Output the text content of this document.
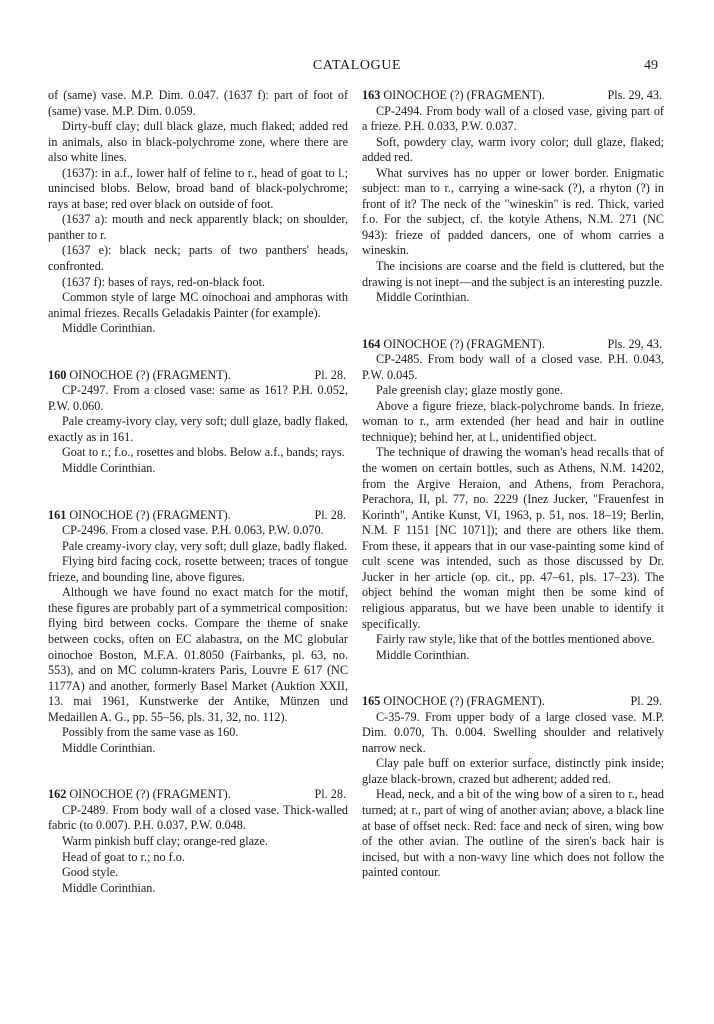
CATALOGUE	49

of (same) vase. M.P. Dim. 0.047. (1637 f): part of foot of (same) vase. M.P. Dim. 0.059.

Dirty-buff clay; dull black glaze, much flaked; added red in animals, also in black-polychrome zone, where there are also white lines.

(1637): in a.f., lower half of feline to r., head of goat to l.; unincised blobs. Below, broad band of black-polychrome; rays at base; red over black on outside of foot.

(1637 a): mouth and neck apparently black; on shoulder, panther to r.

(1637 e): black neck; parts of two panthers' heads, confronted.

(1637 f): bases of rays, red-on-black foot.

Common style of large MC oinochoai and amphoras with animal friezes. Recalls Geladakis Painter (for example).

Middle Corinthian.

160 OINOCHOE (?) (FRAGMENT).	Pl. 28.

CP-2497. From a closed vase: same as 161? P.H. 0.052, P.W. 0.060.

Pale creamy-ivory clay, very soft; dull glaze, badly flaked, exactly as in 161.

Goat to r.; f.o., rosettes and blobs. Below a.f., bands; rays.

Middle Corinthian.

161 OINOCHOE (?) (FRAGMENT).	Pl. 28.

CP-2496. From a closed vase. P.H. 0.063, P.W. 0.070.

Pale creamy-ivory clay, very soft; dull glaze, badly flaked.

Flying bird facing cock, rosette between; traces of tongue frieze, and bounding line, above figures.

Although we have found no exact match for the motif, these figures are probably part of a symmetrical composition: flying bird between cocks. Compare the theme of snake between cocks, often on EC alabastra, on the MC globular oinochoe Boston, M.F.A. 01.8050 (Fairbanks, pl. 63, no. 553), and on MC column-kraters Paris, Louvre E 617 (NC 1177A) and another, formerly Basel Market (Auktion XXII, 13. mai 1961, Kunstwerke der Antike, Münzen und Medaillen A. G., pp. 55–56, pls. 31, 32, no. 112).

Possibly from the same vase as 160.

Middle Corinthian.

162 OINOCHOE (?) (FRAGMENT).	Pl. 28.

CP-2489. From body wall of a closed vase. Thick-walled fabric (to 0.007). P.H. 0.037, P.W. 0.048.

Warm pinkish buff clay; orange-red glaze.

Head of goat to r.; no f.o.

Good style.

Middle Corinthian.

163 OINOCHOE (?) (FRAGMENT).	Pls. 29, 43.

CP-2494. From body wall of a closed vase, giving part of a frieze. P.H. 0.033, P.W. 0.037.

Soft, powdery clay, warm ivory color; dull glaze, flaked; added red.

What survives has no upper or lower border. Enigmatic subject: man to r., carrying a wine-sack (?), a rhyton (?) in front of it? The neck of the "wineskin" is red. Thick, varied f.o. For the subject, cf. the kotyle Athens, N.M. 271 (NC 943): frieze of padded dancers, one of whom carries a wineskin.

The incisions are coarse and the field is cluttered, but the drawing is not inept—and the subject is an interesting puzzle.

Middle Corinthian.

164 OINOCHOE (?) (FRAGMENT).	Pls. 29, 43.

CP-2485. From body wall of a closed vase. P.H. 0.043, P.W. 0.045.

Pale greenish clay; glaze mostly gone.

Above a figure frieze, black-polychrome bands. In frieze, woman to r., arm extended (her head and hair in outline technique); behind her, at l., unidentified object.

The technique of drawing the woman's head recalls that of the women on certain bottles, such as Athens, N.M. 14202, from the Argive Heraion, and Athens, from Perachora, Perachora, II, pl. 77, no. 2229 (Inez Jucker, "Frauenfest in Korinth", Antike Kunst, VI, 1963, p. 51, nos. 18–19; Berlin, N.M. F 1151 [NC 1071]); and there are others like them. From these, it appears that in our vase-painting some kind of cult scene was intended, such as those discussed by Dr. Jucker in her article (op. cit., pp. 47–61, pls. 17–23). The object behind the woman might then be some kind of religious apparatus, but we have been unable to identify it specifically.

Fairly raw style, like that of the bottles mentioned above.

Middle Corinthian.

165 OINOCHOE (?) (FRAGMENT).	Pl. 29.

C-35-79. From upper body of a large closed vase. M.P. Dim. 0.070, Th. 0.004. Swelling shoulder and relatively narrow neck.

Clay pale buff on exterior surface, distinctly pink inside; glaze black-brown, crazed but adherent; added red.

Head, neck, and a bit of the wing bow of a siren to r., head turned; at r., part of wing of another avian; above, a black line at base of offset neck. Red: face and neck of siren, wing bow of the other avian. The outline of the siren's back hair is incised, but with a non-wavy line which does not follow the painted contour.
